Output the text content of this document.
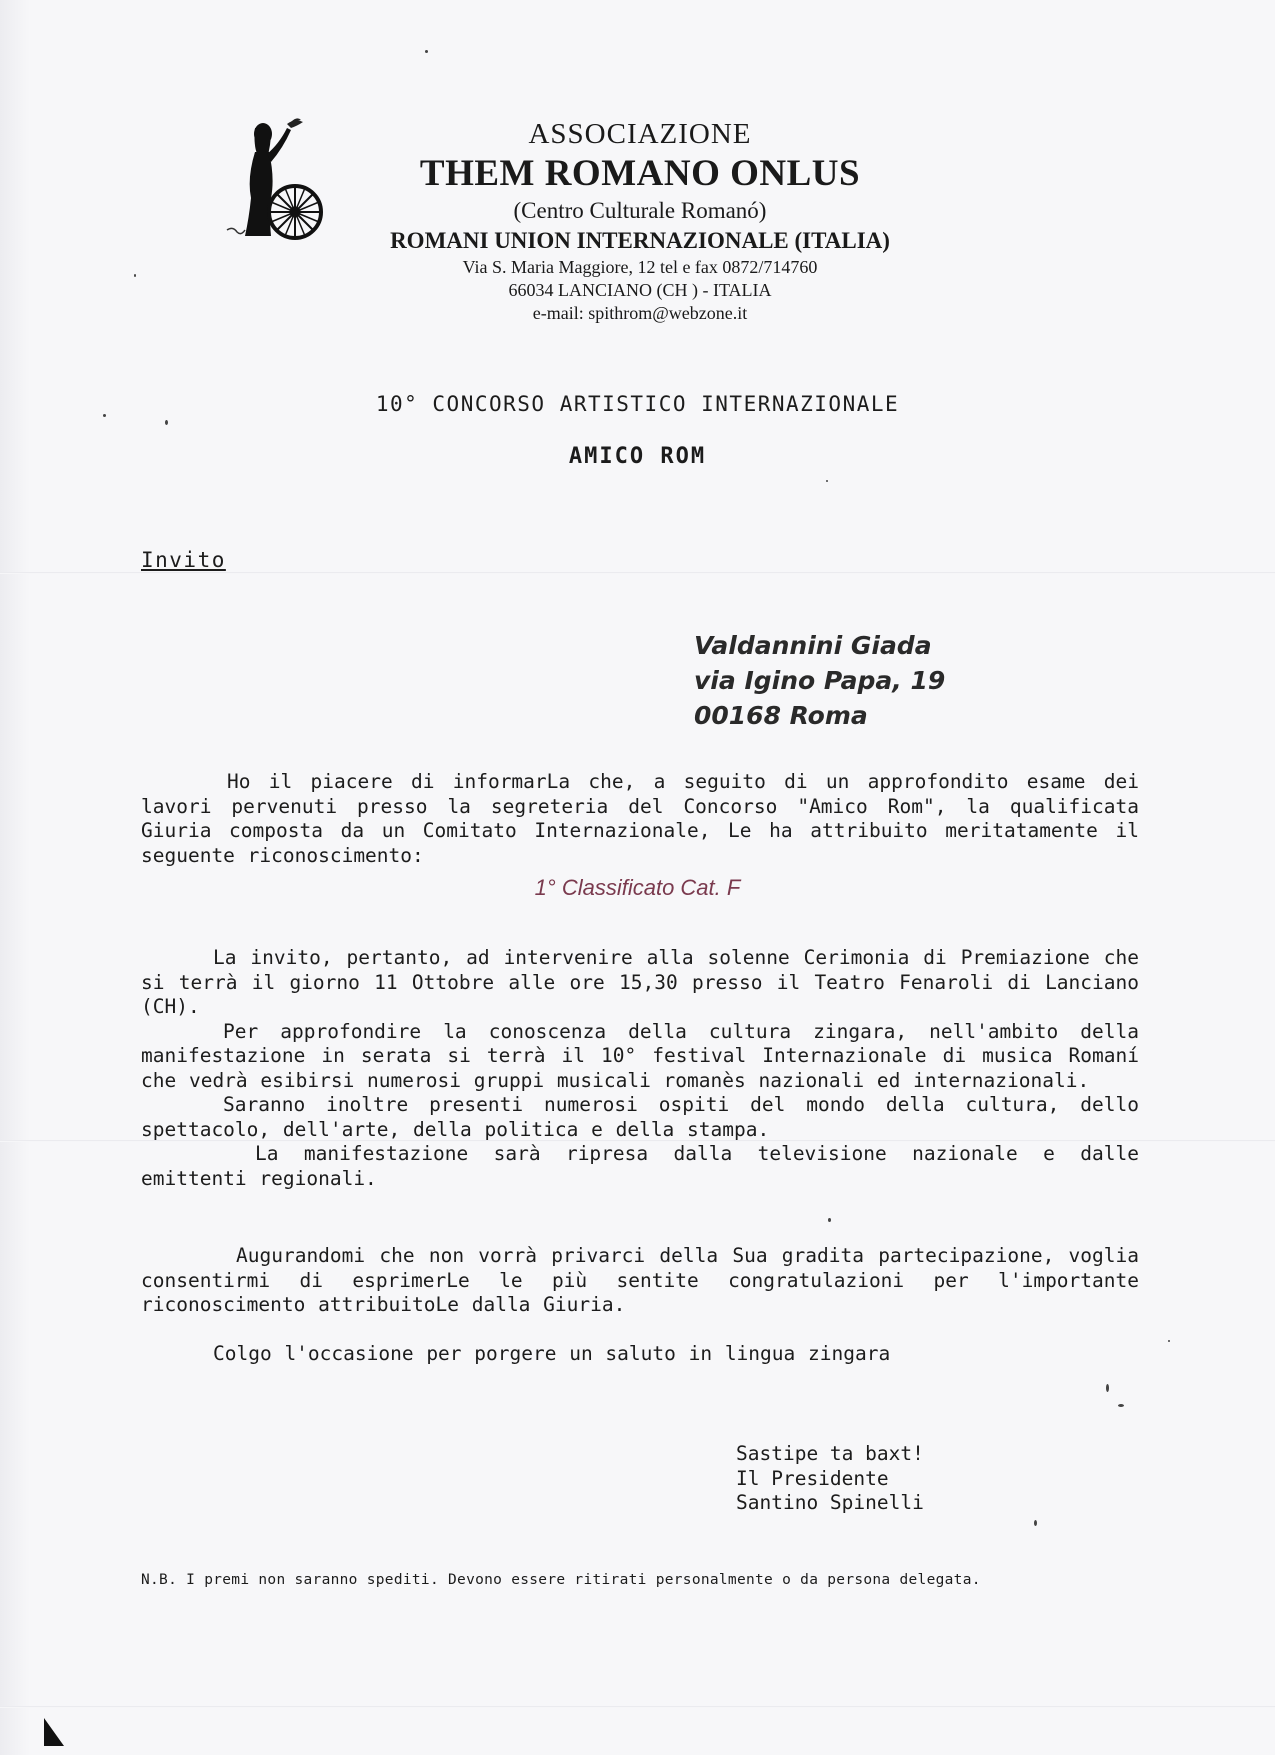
ASSOCIAZIONE
THEM ROMANO ONLUS
(Centro Culturale Romanó)
ROMANI UNION INTERNAZIONALE (ITALIA)
Via S. Maria Maggiore, 12 tel e fax 0872/714760
66034 LANCIANO (CH ) - ITALIA
e-mail: spithrom@webzone.it
10° CONCORSO ARTISTICO INTERNAZIONALE
AMICO ROM
Invito
Valdannini Giada
via Igino Papa, 19
00168 Roma

Ho il piacere di informarLa che, a seguito di un approfondito esame dei lavori pervenuti presso la segreteria del Concorso "Amico Rom", la qualificata Giuria composta da un Comitato Internazionale, Le ha attribuito meritatamente il seguente riconoscimento:

1° Classificato Cat. F

La invito, pertanto, ad intervenire alla solenne Cerimonia di Premiazione che si terrà il giorno 11 Ottobre alle ore 15,30 presso il Teatro Fenaroli di Lanciano (CH).

Per approfondire la conoscenza della cultura zingara, nell'ambito della manifestazione in serata si terrà il 10° festival Internazionale di musica Romaní che vedrà esibirsi numerosi gruppi musicali romanès nazionali ed internazionali.

Saranno inoltre presenti numerosi ospiti del mondo della cultura, dello spettacolo, dell'arte, della politica e della stampa.

La manifestazione sarà ripresa dalla televisione nazionale e dalle emittenti regionali.

Augurandomi che non vorrà privarci della Sua gradita partecipazione, voglia consentirmi di esprimerLe le più sentite congratulazioni per l'importante riconoscimento attribuitoLe dalla Giuria.

Colgo l'occasione per porgere un saluto in lingua zingara

Sastipe ta baxt!
Il Presidente
Santino Spinelli
N.B. I premi non saranno spediti. Devono essere ritirati personalmente o da persona delegata.
